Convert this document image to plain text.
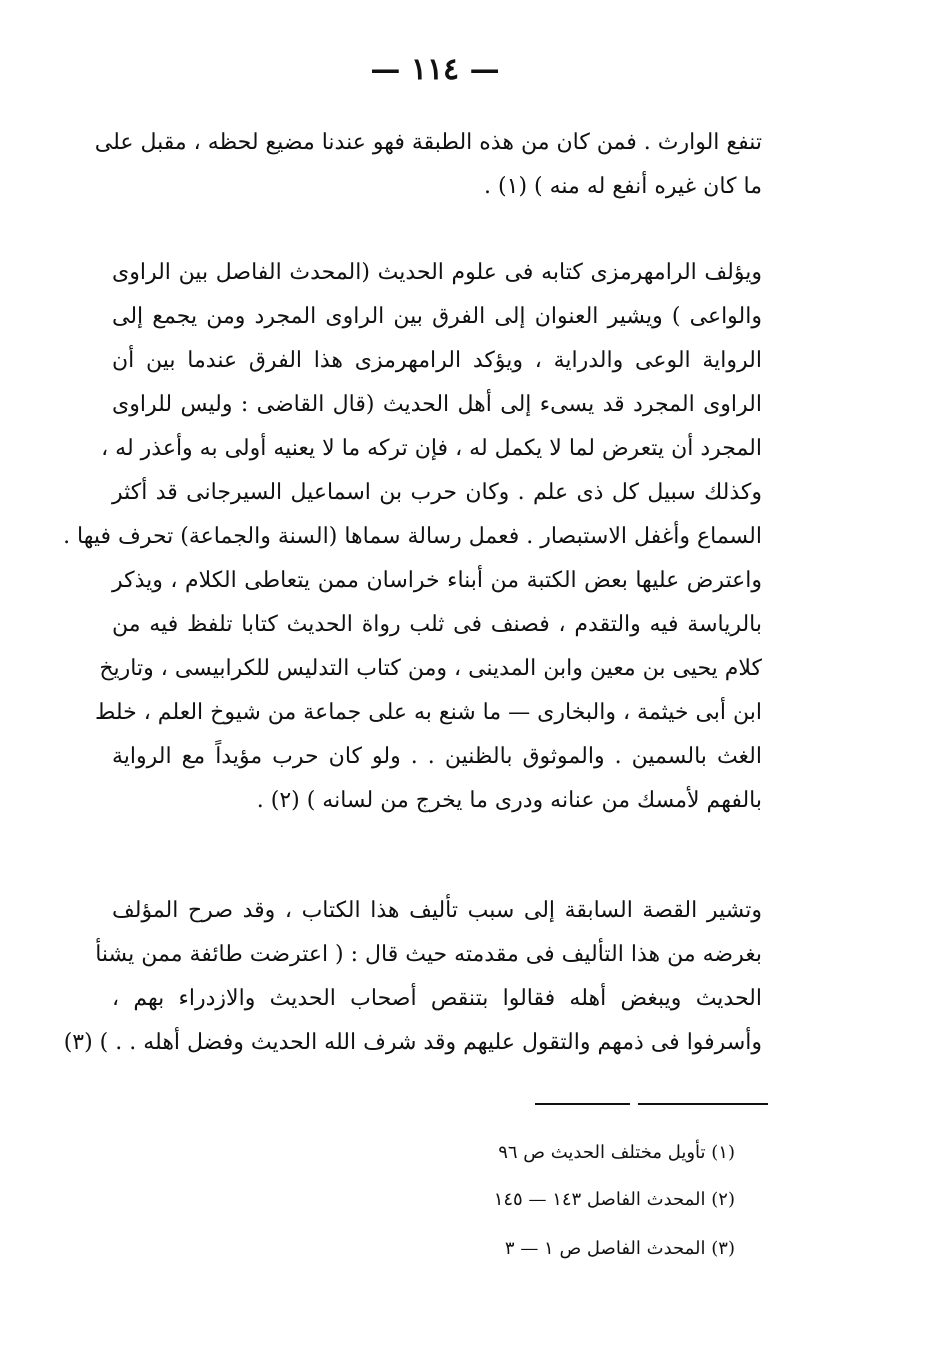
— ١١٤ —
تنفع الوارث . فمن كان من هذه الطبقة فهو عندنا مضيع لحظه ، مقبل على
ما كان غيره أنفع له منه ) (١) .
ويؤلف الرامهرمزى كتابه فى علوم الحديث (المحدث الفاصل بين الراوى
والواعى ) ويشير العنوان إلى الفرق بين الراوى المجرد ومن يجمع إلى
الرواية الوعى والدراية ، ويؤكد الرامهرمزى هذا الفرق عندما بين أن
الراوى المجرد قد يسىء إلى أهل الحديث (قال القاضى : وليس للراوى
المجرد أن يتعرض لما لا يكمل له ، فإن تركه ما لا يعنيه أولى به وأعذر له ،
وكذلك سبيل كل ذى علم . وكان حرب بن اسماعيل السيرجانى قد أكثر
السماع وأغفل الاستبصار . فعمل رسالة سماها (السنة والجماعة) تحرف فيها .
واعترض عليها بعض الكتبة من أبناء خراسان ممن يتعاطى الكلام ، ويذكر
بالرياسة فيه والتقدم ، فصنف فى ثلب رواة الحديث كتابا تلفظ فيه من
كلام يحيى بن معين وابن المدينى ، ومن كتاب التدليس للكرابيسى ، وتاريخ
ابن أبى خيثمة ، والبخارى — ما شنع به على جماعة من شيوخ العلم ، خلط
الغث بالسمين . والموثوق بالظنين . . ولو كان حرب مؤيداً مع الرواية
بالفهم لأمسك من عنانه ودرى ما يخرج من لسانه ) (٢) .
وتشير القصة السابقة إلى سبب تأليف هذا الكتاب ، وقد صرح المؤلف
بغرضه من هذا التأليف فى مقدمته حيث قال : ( اعترضت طائفة ممن يشنأ
الحديث ويبغض أهله فقالوا بتنقص أصحاب الحديث والازدراء بهم ،
وأسرفوا فى ذمهم والتقول عليهم وقد شرف الله الحديث وفضل أهله . . ) (٣)
(١) تأويل مختلف الحديث ص ٩٦
(٢) المحدث الفاصل ١٤٣ — ١٤٥
(٣) المحدث الفاصل ص ١ — ٣
